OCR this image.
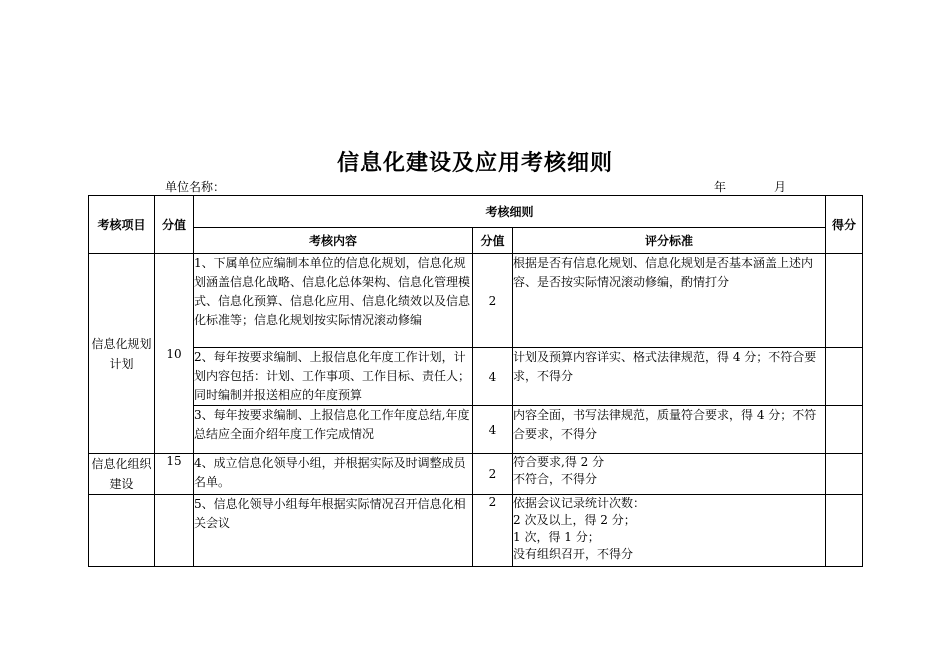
信息化建设及应用考核细则
单位名称：	年	月
考核项目	分值	考核细则			得分
		考核内容	分值	评分标准	
信息化规划计划	10	1、下属单位应编制本单位的信息化规划，信息化规划涵盖信息化战略、信息化总体架构、信息化管理模式、信息化预算、信息化应用、信息化绩效以及信息化标准等；信息化规划按实际情况滚动修编	2	根据是否有信息化规划、信息化规划是否基本涵盖上述内容、是否按实际情况滚动修编，酌情打分	
		2、每年按要求编制、上报信息化年度工作计划，计划内容包括：计划、工作事项、工作目标、责任人；同时编制并报送相应的年度预算	4	计划及预算内容详实、格式法律规范，得 4 分；不符合要求，不得分	
		3、每年按要求编制、上报信息化工作年度总结,年度总结应全面介绍年度工作完成情况	4	内容全面，书写法律规范，质量符合要求，得 4 分；不符合要求，不得分	
信息化组织建设	15	4、成立信息化领导小组，并根据实际及时调整成员名单。	2	符合要求,得 2 分
不符合，不得分	
		5、信息化领导小组每年根据实际情况召开信息化相关会议	2	依据会议记录统计次数：
2 次及以上，得 2 分；
1 次，得 1 分；
没有组织召开，不得分	
